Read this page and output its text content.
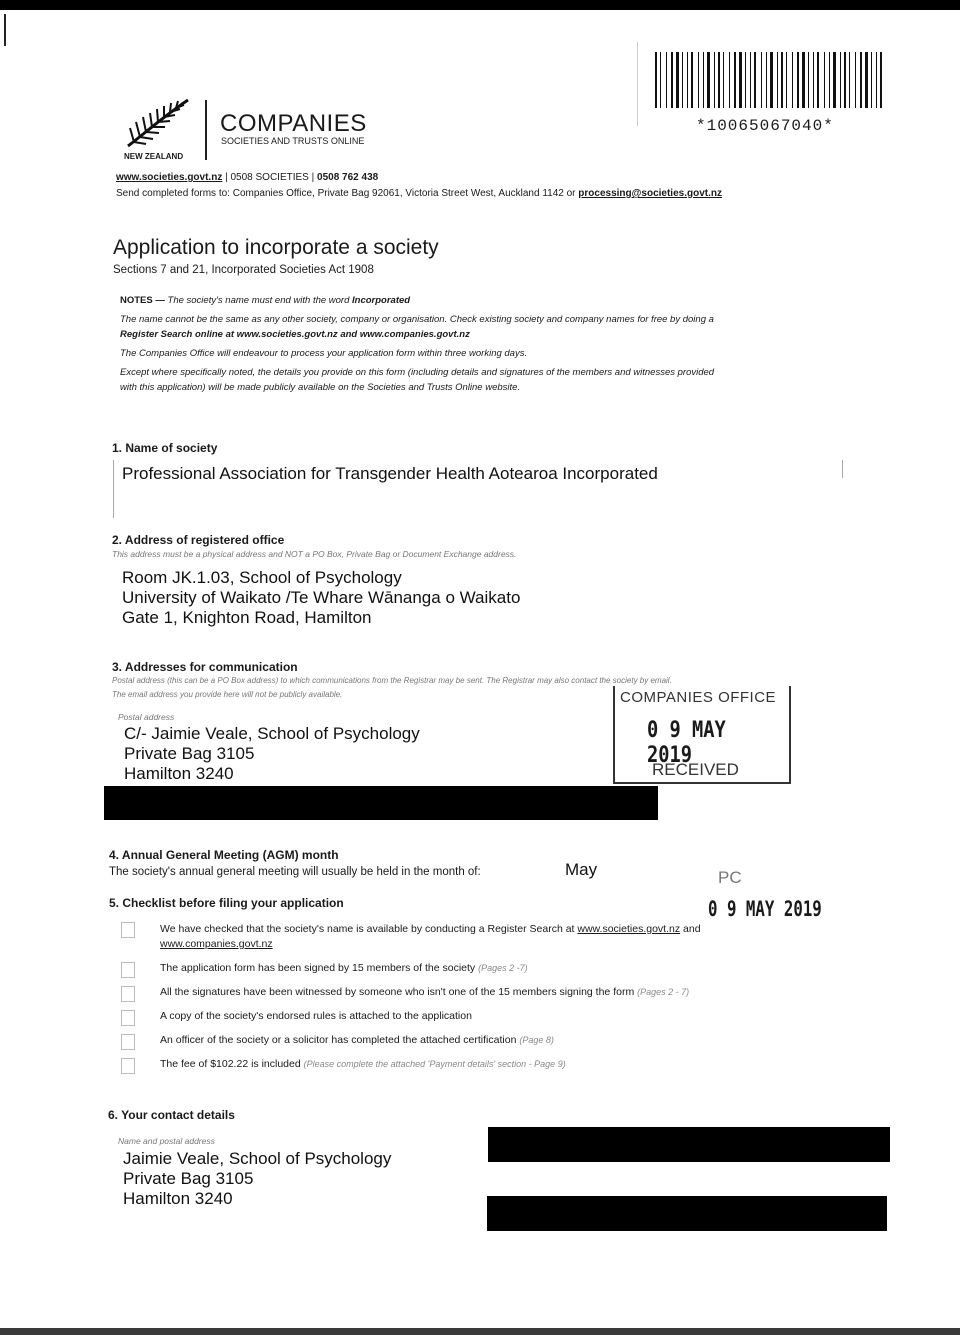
*10065067040*
NEW ZEALAND
COMPANIES
SOCIETIES AND TRUSTS ONLINE
www.societies.govt.nz | 0508 SOCIETIES | 0508 762 438
Send completed forms to: Companies Office, Private Bag 92061, Victoria Street West, Auckland 1142 or processing@societies.govt.nz
Application to incorporate a society
Sections 7 and 21, Incorporated Societies Act 1908
NOTES — The society's name must end with the word Incorporated
The name cannot be the same as any other society, company or organisation. Check existing society and company names for free by doing a
Register Search online at www.societies.govt.nz and www.companies.govt.nz
The Companies Office will endeavour to process your application form within three working days.
Except where specifically noted, the details you provide on this form (including details and signatures of the members and witnesses provided
with this application) will be made publicly available on the Societies and Trusts Online website.
1. Name of society
Professional Association for Transgender Health Aotearoa Incorporated
2. Address of registered office
This address must be a physical address and NOT a PO Box, Private Bag or Document Exchange address.
Room JK.1.03, School of Psychology
University of Waikato /Te Whare Wānanga o Waikato
Gate 1, Knighton Road, Hamilton
3. Addresses for communication
Postal address (this can be a PO Box address) to which communications from the Registrar may be sent. The Registrar may also contact the society by email.
The email address you provide here will not be publicly available.
Postal address
C/- Jaimie Veale, School of Psychology
Private Bag 3105
Hamilton 3240
COMPANIES OFFICE
0 9 MAY 2019
RECEIVED
4. Annual General Meeting (AGM) month
The society's annual general meeting will usually be held in the month of:	May	PC
5. Checklist before filing your application	0 9 MAY 2019
We have checked that the society's name is available by conducting a Register Search at www.societies.govt.nz and
www.companies.govt.nz
The application form has been signed by 15 members of the society (Pages 2 -7)
All the signatures have been witnessed by someone who isn't one of the 15 members signing the form (Pages 2 - 7)
A copy of the society's endorsed rules is attached to the application
An officer of the society or a solicitor has completed the attached certification (Page 8)
The fee of $102.22 is included (Please complete the attached 'Payment details' section - Page 9)
6. Your contact details
Name and postal address
Jaimie Veale, School of Psychology
Private Bag 3105
Hamilton 3240
